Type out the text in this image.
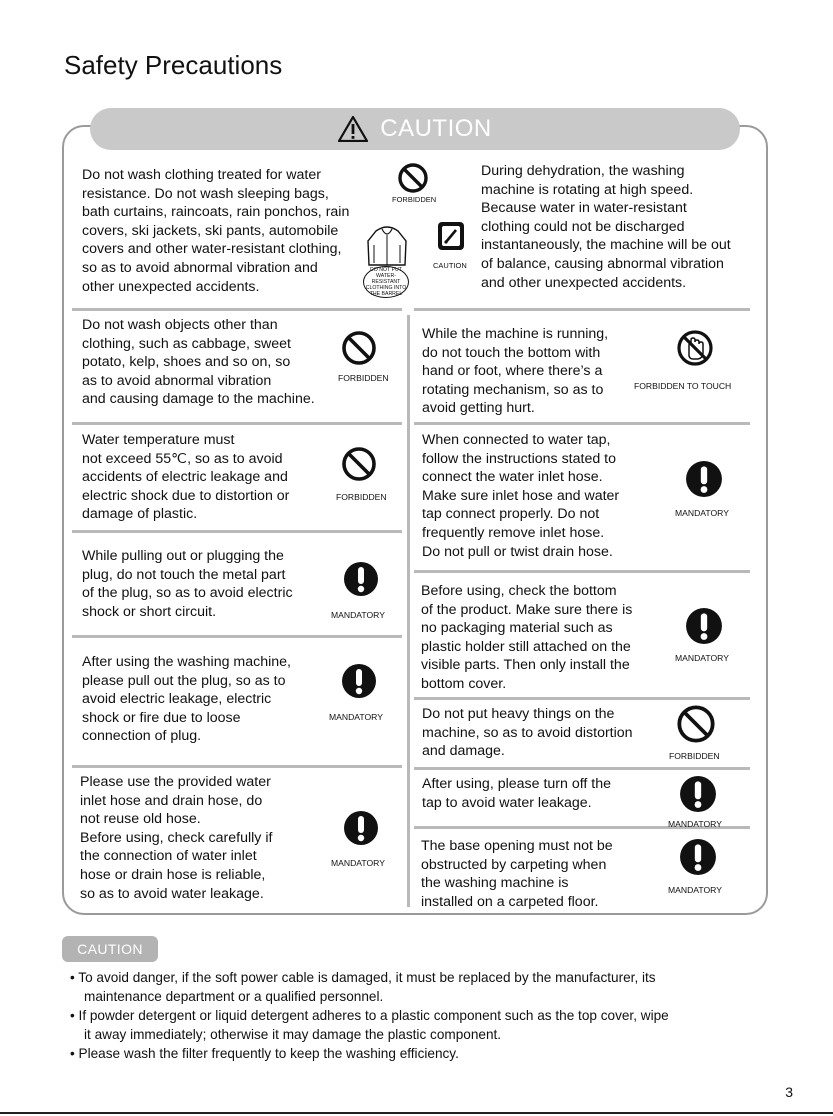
Safety Precautions
CAUTION
Do not wash clothing treated for water
resistance. Do not wash sleeping bags,
bath curtains, raincoats, rain ponchos, rain
covers, ski jackets, ski pants, automobile
covers and other water-resistant clothing,
so as to avoid abnormal vibration and
other unexpected accidents.
FORBIDDEN
DO NOT PUT
WATER-RESISTANT
CLOTHING INTO
THE BARREL
CAUTION
During dehydration, the washing
machine is rotating at high speed.
Because water in water-resistant
clothing could not be discharged
instantaneously, the machine will be out
of balance, causing abnormal vibration
and other unexpected accidents.
Do not wash objects other than
clothing, such as cabbage, sweet
potato, kelp, shoes and so on, so
as to avoid abnormal vibration
and causing damage to the machine.
FORBIDDEN
Water temperature must
not exceed 55℃, so as to avoid
accidents of electric leakage and
electric shock due to distortion or
damage of plastic.
FORBIDDEN
While pulling out or plugging the
plug, do not touch the metal part
of the plug, so as to avoid electric
shock or short circuit.	MANDATORY
After using the washing machine,
please pull out the plug, so as to
avoid electric leakage, electric
shock or fire due to loose
connection of plug.
MANDATORY
Please use the provided water
inlet hose and drain hose, do
not reuse old hose.
Before using, check carefully if
the connection of water inlet
hose or drain hose is reliable,
so as to avoid water leakage.
MANDATORY
While the machine is running,
do not touch the bottom with
hand or foot, where there’s a
rotating mechanism, so as to
avoid getting hurt.
FORBIDDEN TO TOUCH
When connected to water tap,
follow the instructions stated to
connect the water inlet hose.
Make sure inlet hose and water
tap connect properly. Do not
frequently remove inlet hose.
Do not pull or twist drain hose.
MANDATORY
Before using, check the bottom
of the product. Make sure there is
no packaging material such as
plastic holder still attached on the
visible parts. Then only install the
bottom cover.
MANDATORY
Do not put heavy things on the
machine, so as to avoid distortion
and damage.	FORBIDDEN
After using, please turn off the
tap to avoid water leakage.
MANDATORY
The base opening must not be
obstructed by carpeting when
the washing machine is
installed on a carpeted floor.
MANDATORY
CAUTION
• To avoid danger, if the soft power cable is damaged, it must be replaced by the manufacturer, its
maintenance department or a qualified personnel.
• If powder detergent or liquid detergent adheres to a plastic component such as the top cover, wipe
it away immediately; otherwise it may damage the plastic component.
• Please wash the filter frequently to keep the washing efficiency.
3
